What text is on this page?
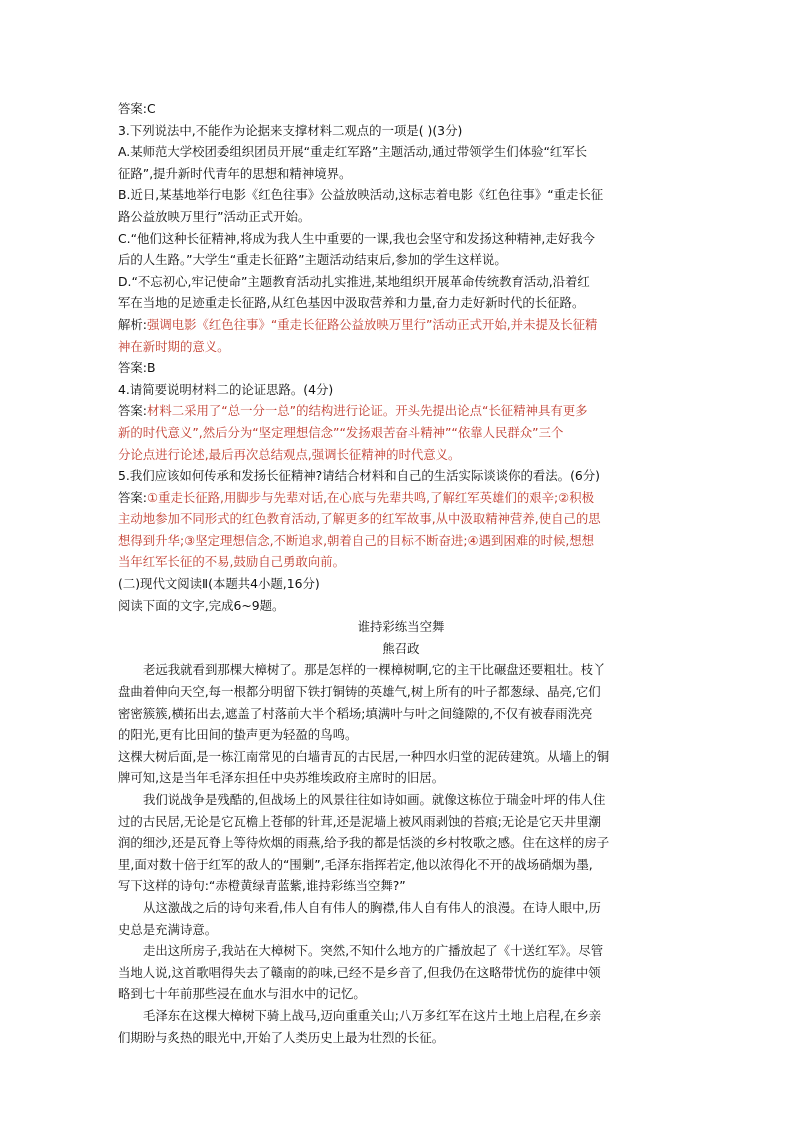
答案:C
3.下列说法中,不能作为论据来支撑材料二观点的一项是( )(3分)
A.某师范大学校团委组织团员开展“重走红军路”主题活动,通过带领学生们体验“红军长
征路”,提升新时代青年的思想和精神境界。
B.近日,某基地举行电影《红色往事》公益放映活动,这标志着电影《红色往事》“重走长征
路公益放映万里行”活动正式开始。
C.“他们这种长征精神,将成为我人生中重要的一课,我也会坚守和发扬这种精神,走好我今
后的人生路。”大学生“重走长征路”主题活动结束后,参加的学生这样说。
D.“不忘初心,牢记使命”主题教育活动扎实推进,某地组织开展革命传统教育活动,沿着红
军在当地的足迹重走长征路,从红色基因中汲取营养和力量,奋力走好新时代的长征路。
解析:强调电影《红色往事》“重走长征路公益放映万里行”活动正式开始,并未提及长征精
神在新时期的意义。
答案:B
4.请简要说明材料二的论证思路。(4分)
答案:材料二采用了“总一分一总”的结构进行论证。开头先提出论点“长征精神具有更多
新的时代意义”,然后分为“坚定理想信念”“发扬艰苦奋斗精神”“依靠人民群众”三个
分论点进行论述,最后再次总结观点,强调长征精神的时代意义。
5.我们应该如何传承和发扬长征精神?请结合材料和自己的生活实际谈谈你的看法。(6分)
答案:①重走长征路,用脚步与先辈对话,在心底与先辈共鸣,了解红军英雄们的艰辛;②积极
主动地参加不同形式的红色教育活动,了解更多的红军故事,从中汲取精神营养,使自己的思
想得到升华;③坚定理想信念,不断追求,朝着自己的目标不断奋进;④遇到困难的时候,想想
当年红军长征的不易,鼓励自己勇敢向前。
(二)现代文阅读Ⅱ(本题共4小题,16分)
阅读下面的文字,完成6~9题。
谁持彩练当空舞
熊召政
老远我就看到那棵大樟树了。那是怎样的一棵樟树啊,它的主干比碾盘还要粗壮。枝丫
盘曲着伸向天空,每一根都分明留下铁打铜铸的英雄气,树上所有的叶子都葱绿、晶亮,它们
密密簇簇,横拓出去,遮盖了村落前大半个稻场;填满叶与叶之间缝隙的,不仅有被春雨洗亮
的阳光,更有比田间的蛰声更为轻盈的鸟鸣。
这棵大树后面,是一栋江南常见的白墙青瓦的古民居,一种四水归堂的泥砖建筑。从墙上的铜
牌可知,这是当年毛泽东担任中央苏维埃政府主席时的旧居。
我们说战争是残酷的,但战场上的风景往往如诗如画。就像这栋位于瑞金叶坪的伟人住
过的古民居,无论是它瓦檐上苍郁的针茸,还是泥墙上被风雨剥蚀的苔痕;无论是它天井里潮
润的细沙,还是瓦脊上等待炊烟的雨燕,给予我的都是恬淡的乡村牧歌之感。住在这样的房子
里,面对数十倍于红军的敌人的“围剿”,毛泽东指挥若定,他以浓得化不开的战场硝烟为墨,
写下这样的诗句:“赤橙黄绿青蓝紫,谁持彩练当空舞?”
从这激战之后的诗句来看,伟人自有伟人的胸襟,伟人自有伟人的浪漫。在诗人眼中,历
史总是充满诗意。
走出这所房子,我站在大樟树下。突然,不知什么地方的广播放起了《十送红军》。尽管
当地人说,这首歌唱得失去了赣南的韵味,已经不是乡音了,但我仍在这略带忧伤的旋律中领
略到七十年前那些浸在血水与泪水中的记忆。
毛泽东在这棵大樟树下骑上战马,迈向重重关山;八万多红军在这片土地上启程,在乡亲
们期盼与炙热的眼光中,开始了人类历史上最为壮烈的长征。
